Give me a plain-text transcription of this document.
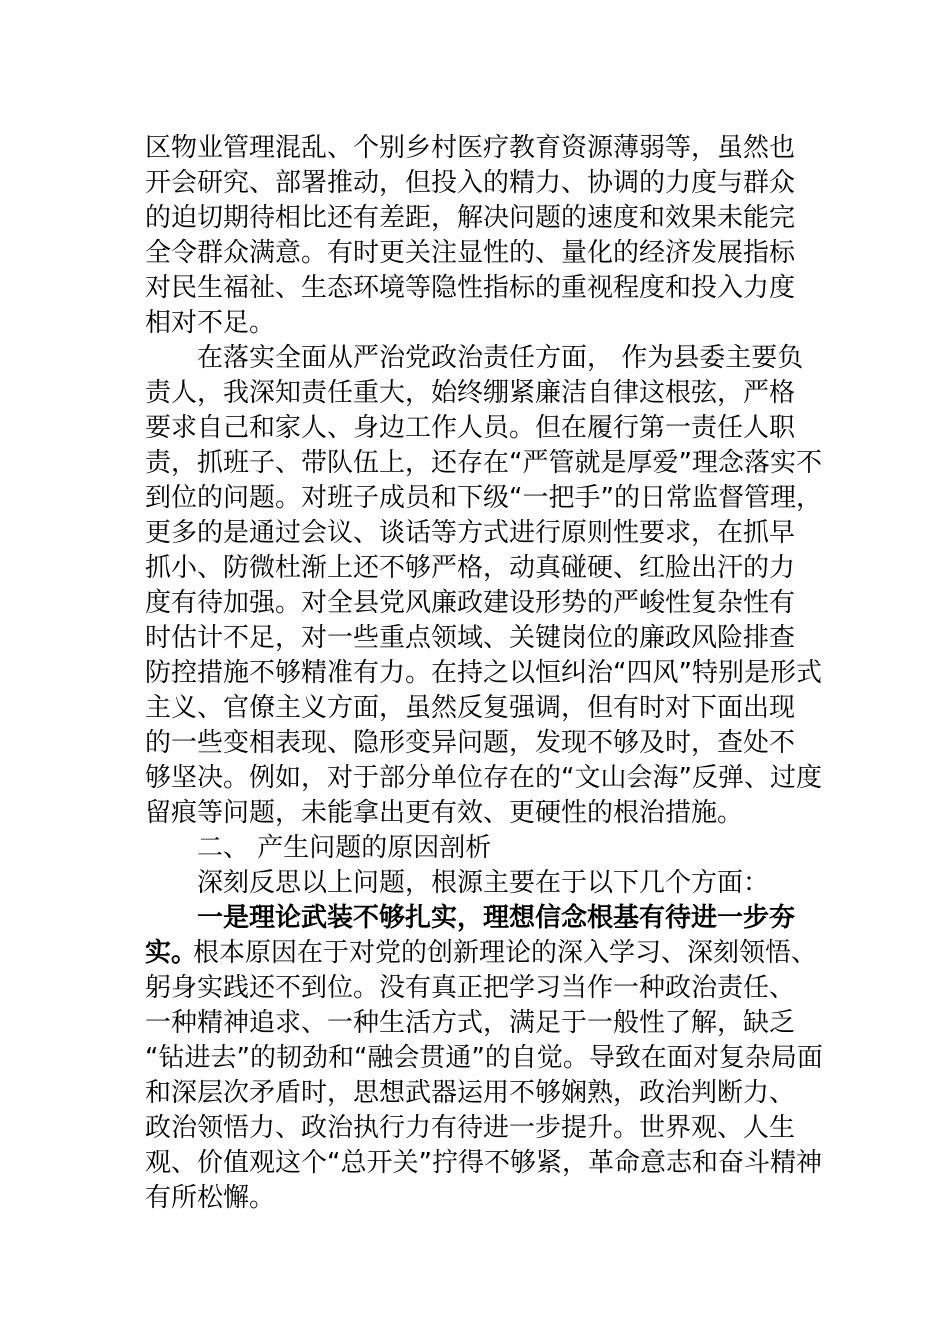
区物业管理混乱、个别乡村医疗教育资源薄弱等，虽然也
开会研究、部署推动，但投入的精力、协调的力度与群众
的迫切期待相比还有差距，解决问题的速度和效果未能完
全令群众满意。有时更关注显性的、量化的经济发展指标
对民生福祉、生态环境等隐性指标的重视程度和投入力度
相对不足。
在落实全面从严治党政治责任方面， 作为县委主要负
责人，我深知责任重大，始终绷紧廉洁自律这根弦，严格
要求自己和家人、身边工作人员。但在履行第一责任人职
责，抓班子、带队伍上，还存在“严管就是厚爱”理念落实不
到位的问题。对班子成员和下级“一把手”的日常监督管理，
更多的是通过会议、谈话等方式进行原则性要求，在抓早
抓小、防微杜渐上还不够严格，动真碰硬、红脸出汗的力
度有待加强。对全县党风廉政建设形势的严峻性复杂性有
时估计不足，对一些重点领域、关键岗位的廉政风险排查
防控措施不够精准有力。在持之以恒纠治“四风”特别是形式
主义、官僚主义方面，虽然反复强调，但有时对下面出现
的一些变相表现、隐形变异问题，发现不够及时，查处不
够坚决。例如，对于部分单位存在的“文山会海”反弹、过度
留痕等问题，未能拿出更有效、更硬性的根治措施。
二、 产生问题的原因剖析
深刻反思以上问题，根源主要在于以下几个方面：
一是理论武装不够扎实，理想信念根基有待进一步夯
实。
根本原因在于对党的创新理论的深入学习、深刻领悟、
躬身实践还不到位。没有真正把学习当作一种政治责任、
一种精神追求、一种生活方式，满足于一般性了解，缺乏
“钻进去”的韧劲和“融会贯通”的自觉。导致在面对复杂局面
和深层次矛盾时，思想武器运用不够娴熟，政治判断力、
政治领悟力、政治执行力有待进一步提升。世界观、人生
观、价值观这个“总开关”拧得不够紧，革命意志和奋斗精神
有所松懈。
